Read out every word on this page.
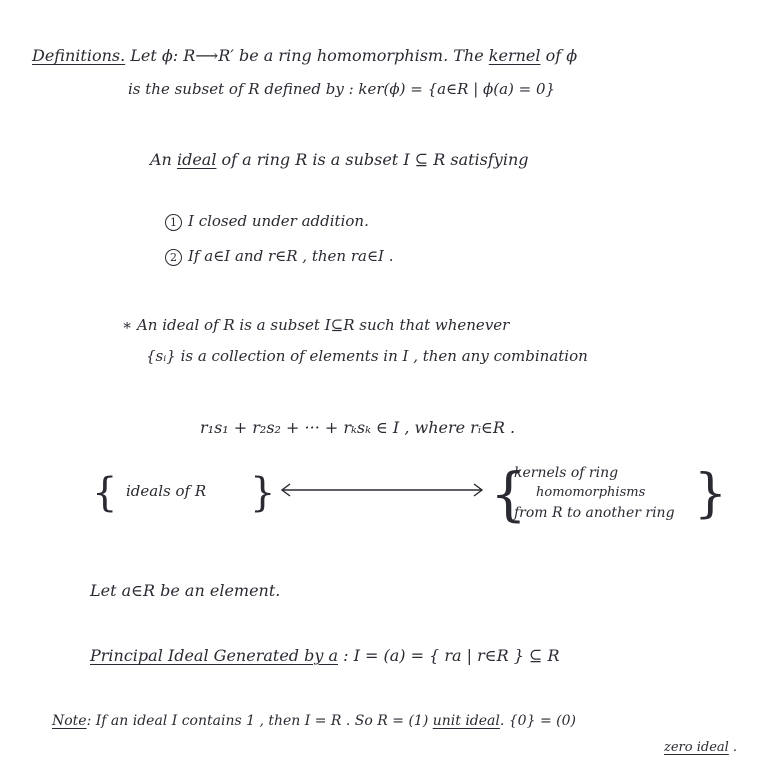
Definitions. Let ϕ: R⟶R′ be a ring homomorphism. The kernel of ϕ
is the subset of R defined by : ker(ϕ) = {a∈R | ϕ(a) = 0}
An ideal of a ring R is a subset I ⊆ R satisfying
1 I closed under addition.
2 If a∈I and r∈R , then ra∈I .
∗ An ideal of R is a subset I⊆R such that whenever
{sᵢ} is a collection of elements in I , then any combination
r₁s₁ + r₂s₂ + ··· + rₖsₖ ∈ I , where rᵢ∈R .
{ ideals of R }	{
kernels of ring
homomorphisms
from R to another ring }
Let a∈R be an element.
Principal Ideal Generated by a : I = (a) = { ra | r∈R } ⊆ R
Note: If an ideal I contains 1 , then I = R . So R = (1) unit ideal. {0} = (0)
zero ideal .
